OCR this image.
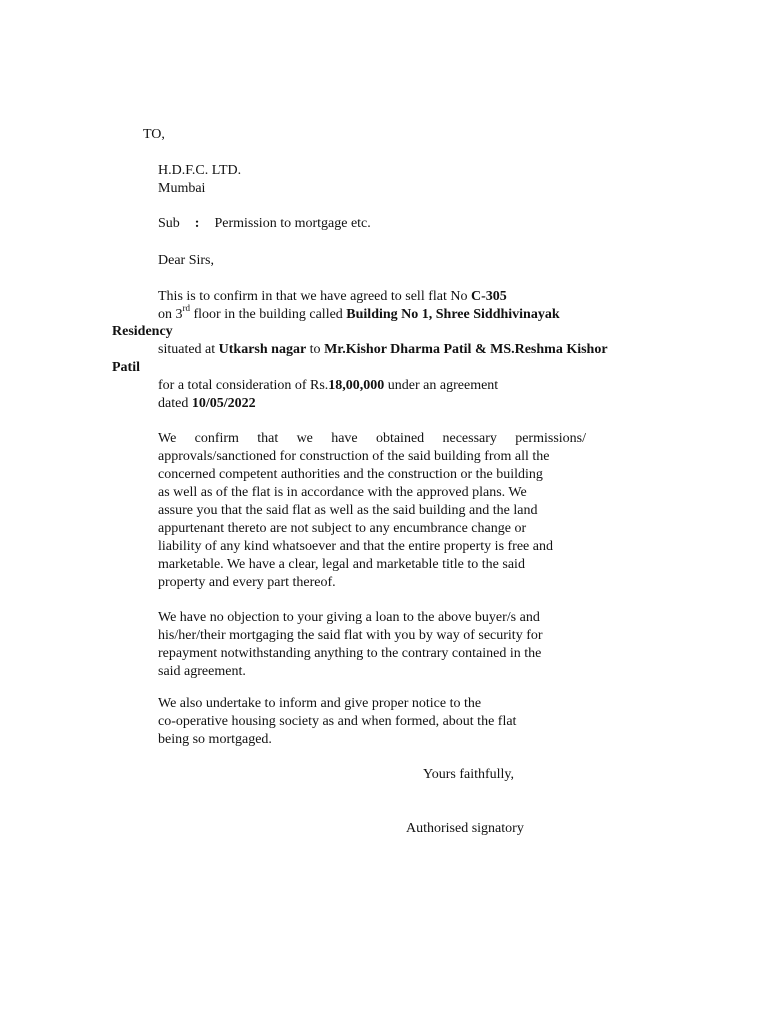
TO,
H.D.F.C. LTD.
Mumbai
Sub : Permission to mortgage etc.
Dear Sirs,
This is to confirm in that we have agreed to sell flat No C-305
on 3rd floor in the building called Building No 1, Shree Siddhivinayak
Residency
situated at Utkarsh nagar to Mr.Kishor Dharma Patil & MS.Reshma Kishor
Patil
for a total consideration of Rs.18,00,000 under an agreement
dated 10/05/2022
We confirm that we have obtained necessary permissions/
approvals/sanctioned for construction of the said building from all the
concerned competent authorities and the construction or the building
as well as of the flat is in accordance with the approved plans. We
assure you that the said flat as well as the said building and the land
appurtenant thereto are not subject to any encumbrance change or
liability of any kind whatsoever and that the entire property is free and
marketable. We have a clear, legal and marketable title to the said
property and every part thereof.
We have no objection to your giving a loan to the above buyer/s and
his/her/their mortgaging the said flat with you by way of security for
repayment notwithstanding anything to the contrary contained in the
said agreement.
We also undertake to inform and give proper notice to the
co-operative housing society as and when formed, about the flat
being so mortgaged.
Yours faithfully,
Authorised signatory
